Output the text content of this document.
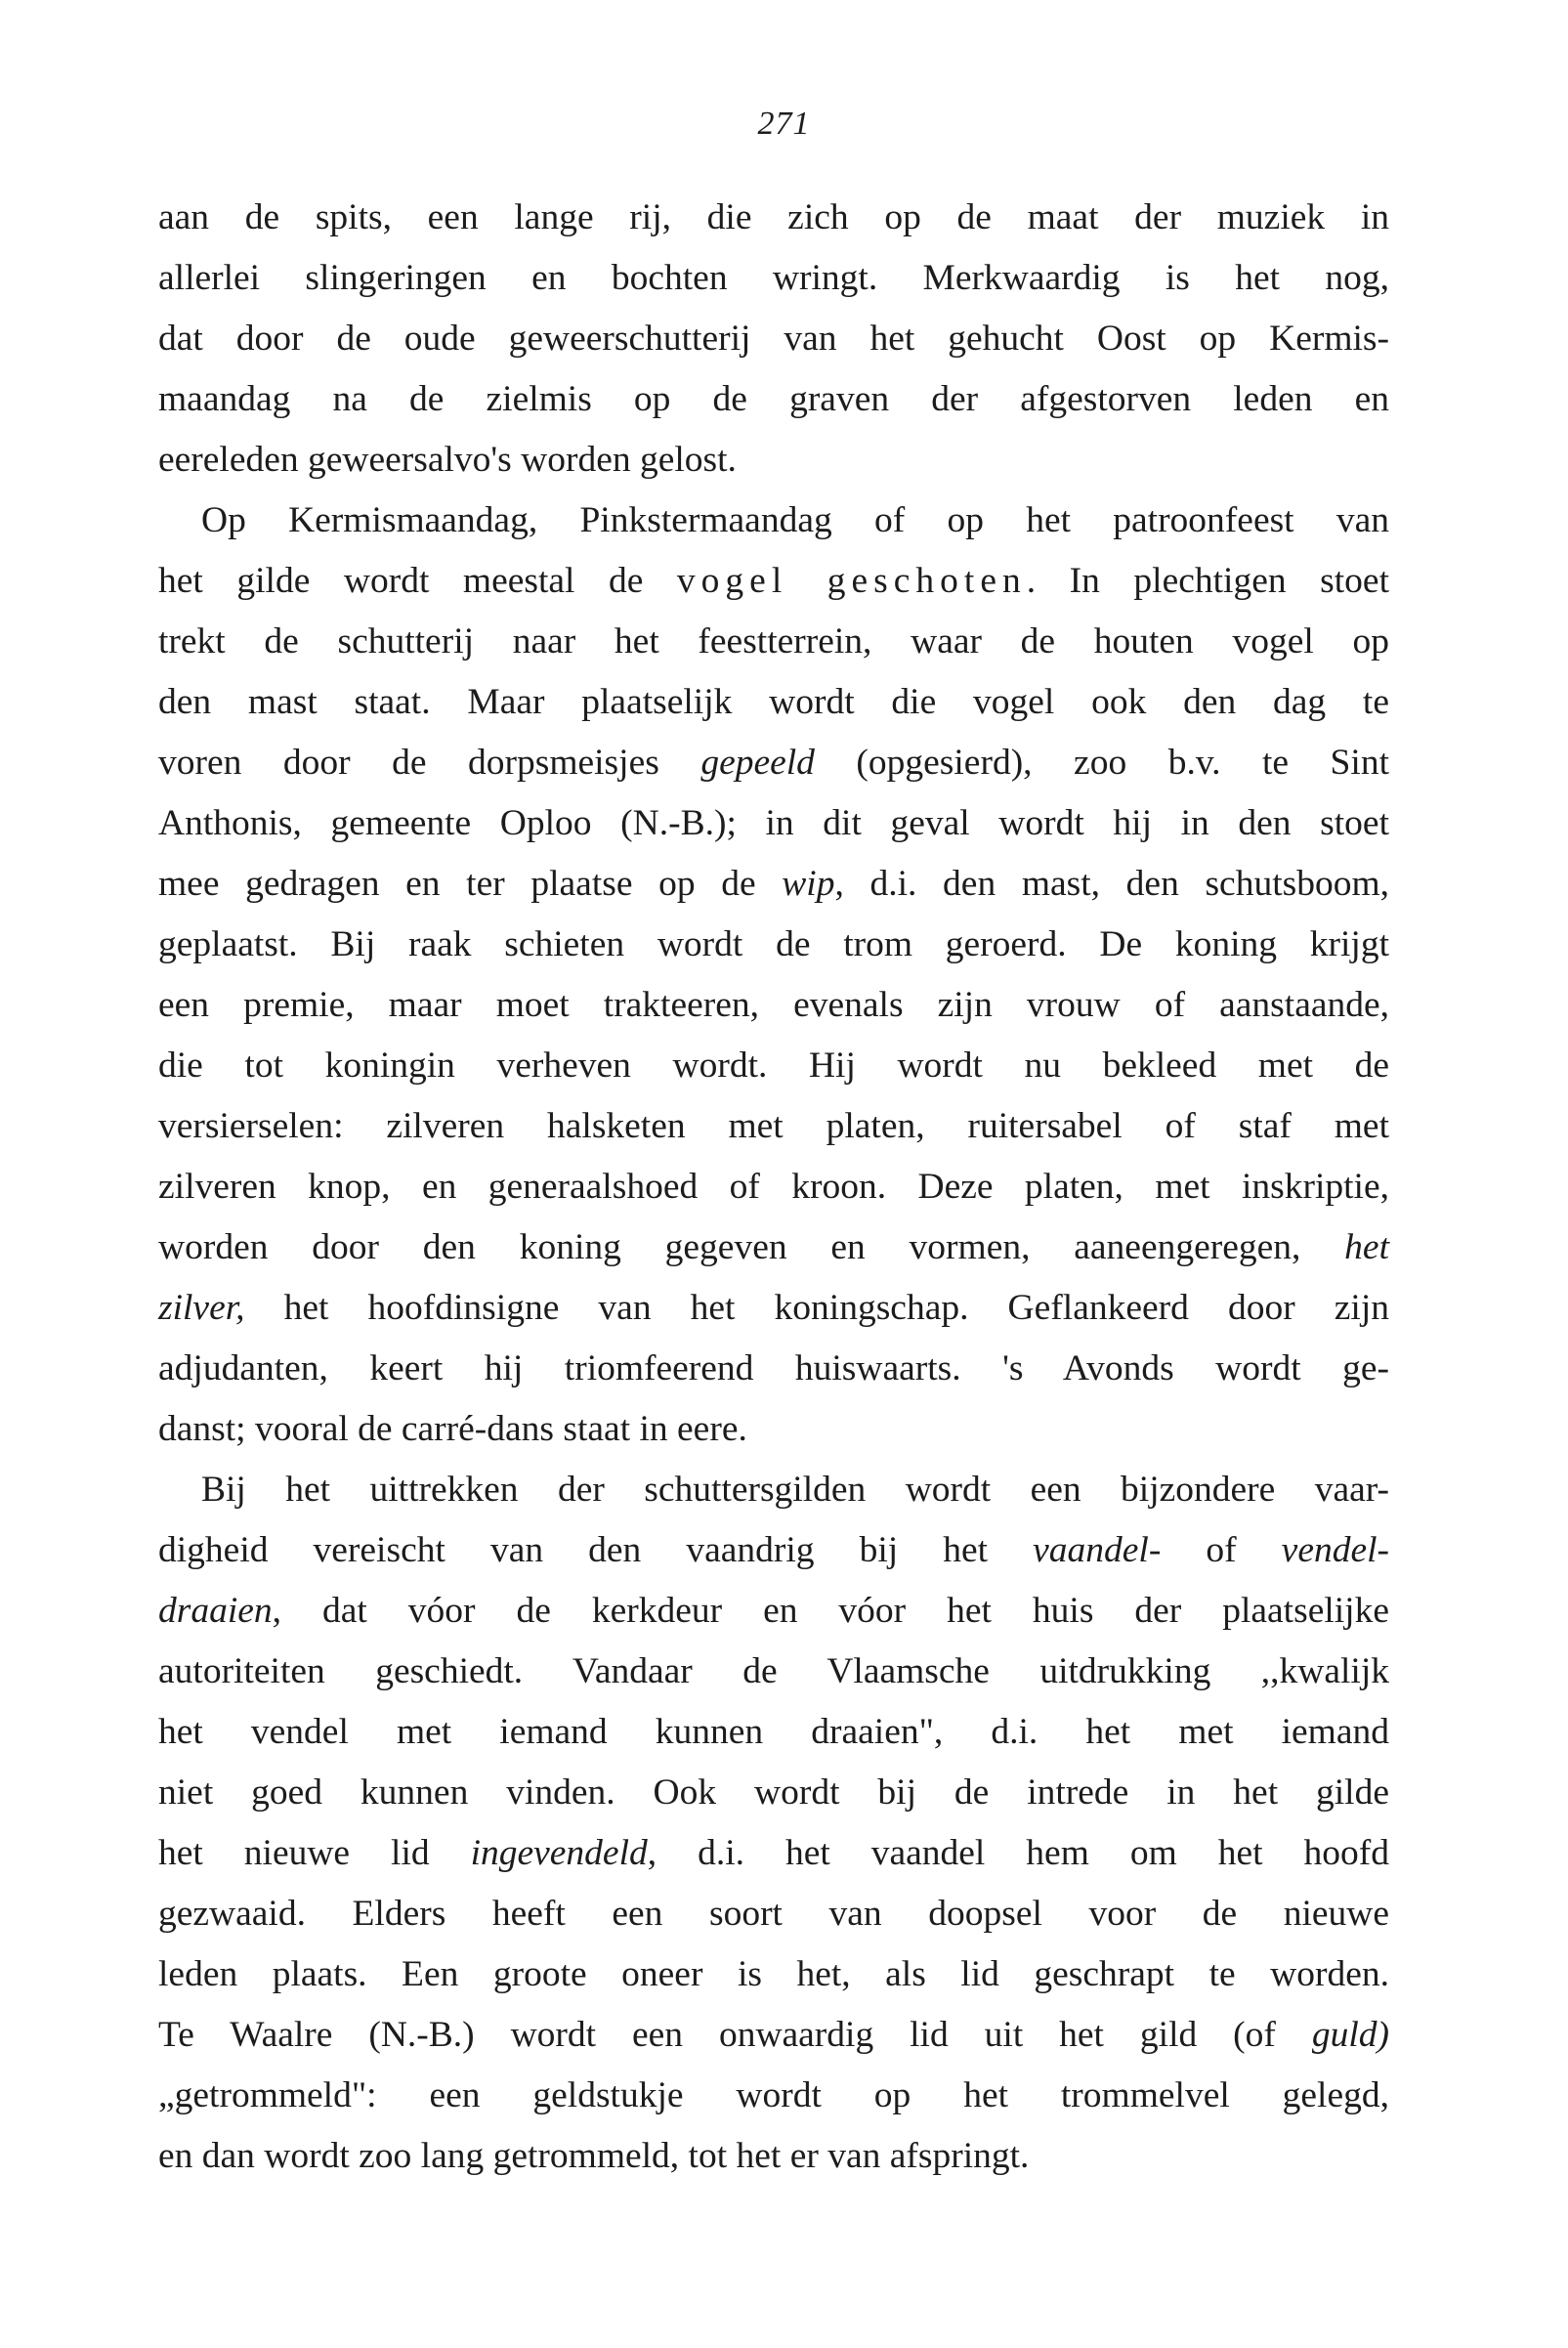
271
aan de spits, een lange rij, die zich op de maat der muziek in
allerlei slingeringen en bochten wringt. Merkwaardig is het nog,
dat door de oude geweerschutterij van het gehucht Oost op Kermis-
maandag na de zielmis op de graven der afgestorven leden en
eereleden geweersalvo's worden gelost.
Op Kermismaandag, Pinkstermaandag of op het patroonfeest van
het gilde wordt meestal de vogel geschoten. In plechtigen stoet
trekt de schutterij naar het feestterrein, waar de houten vogel op
den mast staat. Maar plaatselijk wordt die vogel ook den dag te
voren door de dorpsmeisjes gepeeld (opgesierd), zoo b.v. te Sint
Anthonis, gemeente Oploo (N.-B.); in dit geval wordt hij in den stoet
mee gedragen en ter plaatse op de wip, d.i. den mast, den schutsboom,
geplaatst. Bij raak schieten wordt de trom geroerd. De koning krijgt
een premie, maar moet trakteeren, evenals zijn vrouw of aanstaande,
die tot koningin verheven wordt. Hij wordt nu bekleed met de
versierselen: zilveren halsketen met platen, ruitersabel of staf met
zilveren knop, en generaalshoed of kroon. Deze platen, met inskriptie,
worden door den koning gegeven en vormen, aaneengeregen, het
zilver, het hoofdinsigne van het koningschap. Geflankeerd door zijn
adjudanten, keert hij triomfeerend huiswaarts. 's Avonds wordt ge-
danst; vooral de carré-dans staat in eere.
Bij het uittrekken der schuttersgilden wordt een bijzondere vaar-
digheid vereischt van den vaandrig bij het vaandel- of vendel-
draaien, dat vóor de kerkdeur en vóor het huis der plaatselijke
autoriteiten geschiedt. Vandaar de Vlaamsche uitdrukking ,,kwalijk
het vendel met iemand kunnen draaien", d.i. het met iemand
niet goed kunnen vinden. Ook wordt bij de intrede in het gilde
het nieuwe lid ingevendeld, d.i. het vaandel hem om het hoofd
gezwaaid. Elders heeft een soort van doopsel voor de nieuwe
leden plaats. Een groote oneer is het, als lid geschrapt te worden.
Te Waalre (N.-B.) wordt een onwaardig lid uit het gild (of guld)
„getrommeld": een geldstukje wordt op het trommelvel gelegd,
en dan wordt zoo lang getrommeld, tot het er van afspringt.
